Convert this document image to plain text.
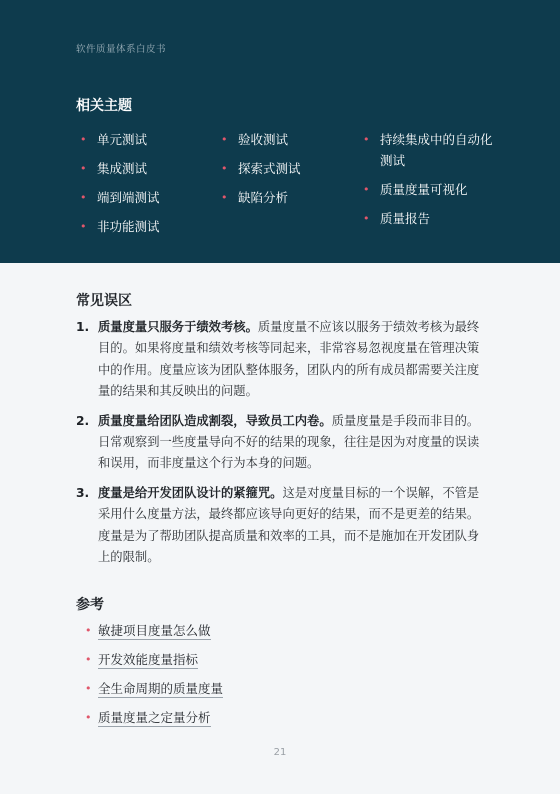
软件质量体系白皮书
相关主题
• 单元测试
• 集成测试
• 端到端测试
• 非功能测试
• 验收测试
• 探索式测试
• 缺陷分析
• 持续集成中的自动化测试
• 质量度量可视化
• 质量报告
常见误区
1. 质量度量只服务于绩效考核。质量度量不应该以服务于绩效考核为最终目的。如果将度量和绩效考核等同起来，非常容易忽视度量在管理决策中的作用。度量应该为团队整体服务，团队内的所有成员都需要关注度量的结果和其反映出的问题。
2. 质量度量给团队造成割裂，导致员工内卷。质量度量是手段而非目的。日常观察到一些度量导向不好的结果的现象，往往是因为对度量的误读和误用，而非度量这个行为本身的问题。
3. 度量是给开发团队设计的紧箍咒。这是对度量目标的一个误解，不管是采用什么度量方法，最终都应该导向更好的结果，而不是更差的结果。度量是为了帮助团队提高质量和效率的工具，而不是施加在开发团队身上的限制。
参考
• 敏捷项目度量怎么做
• 开发效能度量指标
• 全生命周期的质量度量
• 质量度量之定量分析
21
